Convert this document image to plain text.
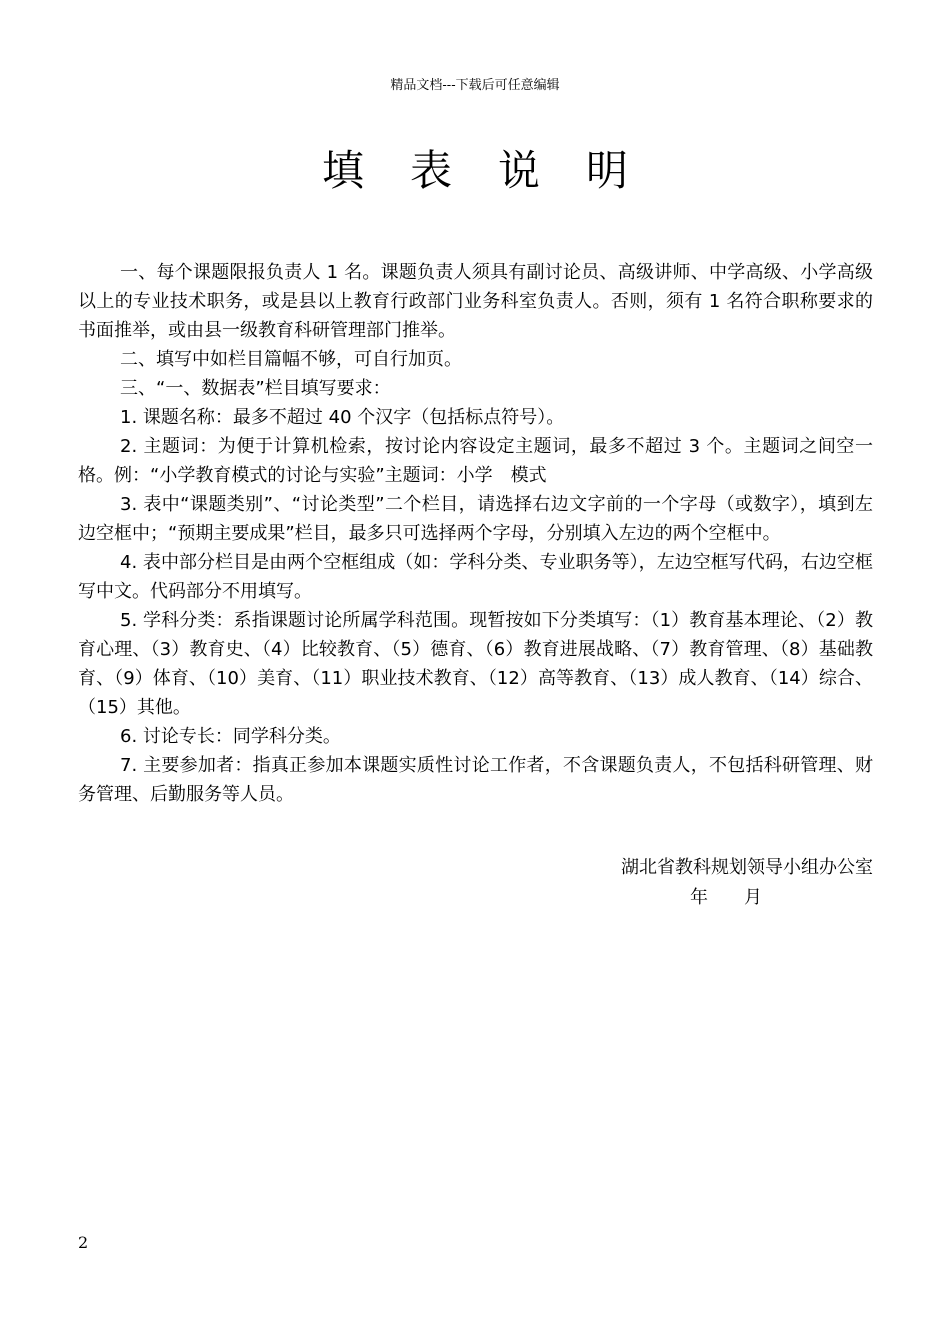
精品文档---下载后可任意编辑
填表说明

一、每个课题限报负责人 1 名。课题负责人须具有副讨论员、高级讲师、中学高级、小学高级以上的专业技术职务，或是县以上教育行政部门业务科室负责人。否则，须有 1 名符合职称要求的书面推举，或由县一级教育科研管理部门推举。

二、填写中如栏目篇幅不够，可自行加页。

三、“一、数据表”栏目填写要求：

1. 课题名称：最多不超过 40 个汉字（包括标点符号）。

2. 主题词：为便于计算机检索，按讨论内容设定主题词，最多不超过 3 个。主题词之间空一格。例：“小学教育模式的讨论与实验”主题词：小学　模式

3. 表中“课题类别”、“讨论类型”二个栏目，请选择右边文字前的一个字母（或数字），填到左边空框中；“预期主要成果”栏目，最多只可选择两个字母，分别填入左边的两个空框中。

4. 表中部分栏目是由两个空框组成（如：学科分类、专业职务等），左边空框写代码，右边空框写中文。代码部分不用填写。

5. 学科分类：系指课题讨论所属学科范围。现暂按如下分类填写：（1）教育基本理论、（2）教育心理、（3）教育史、（4）比较教育、（5）德育、（6）教育进展战略、（7）教育管理、（8）基础教育、（9）体育、（10）美育、（11）职业技术教育、（12）高等教育、（13）成人教育、（14）综合、（15）其他。

6. 讨论专长：同学科分类。

7. 主要参加者：指真正参加本课题实质性讨论工作者，不含课题负责人，不包括科研管理、财务管理、后勤服务等人员。

湖北省教科规划领导小组办公室
年　　月
2
